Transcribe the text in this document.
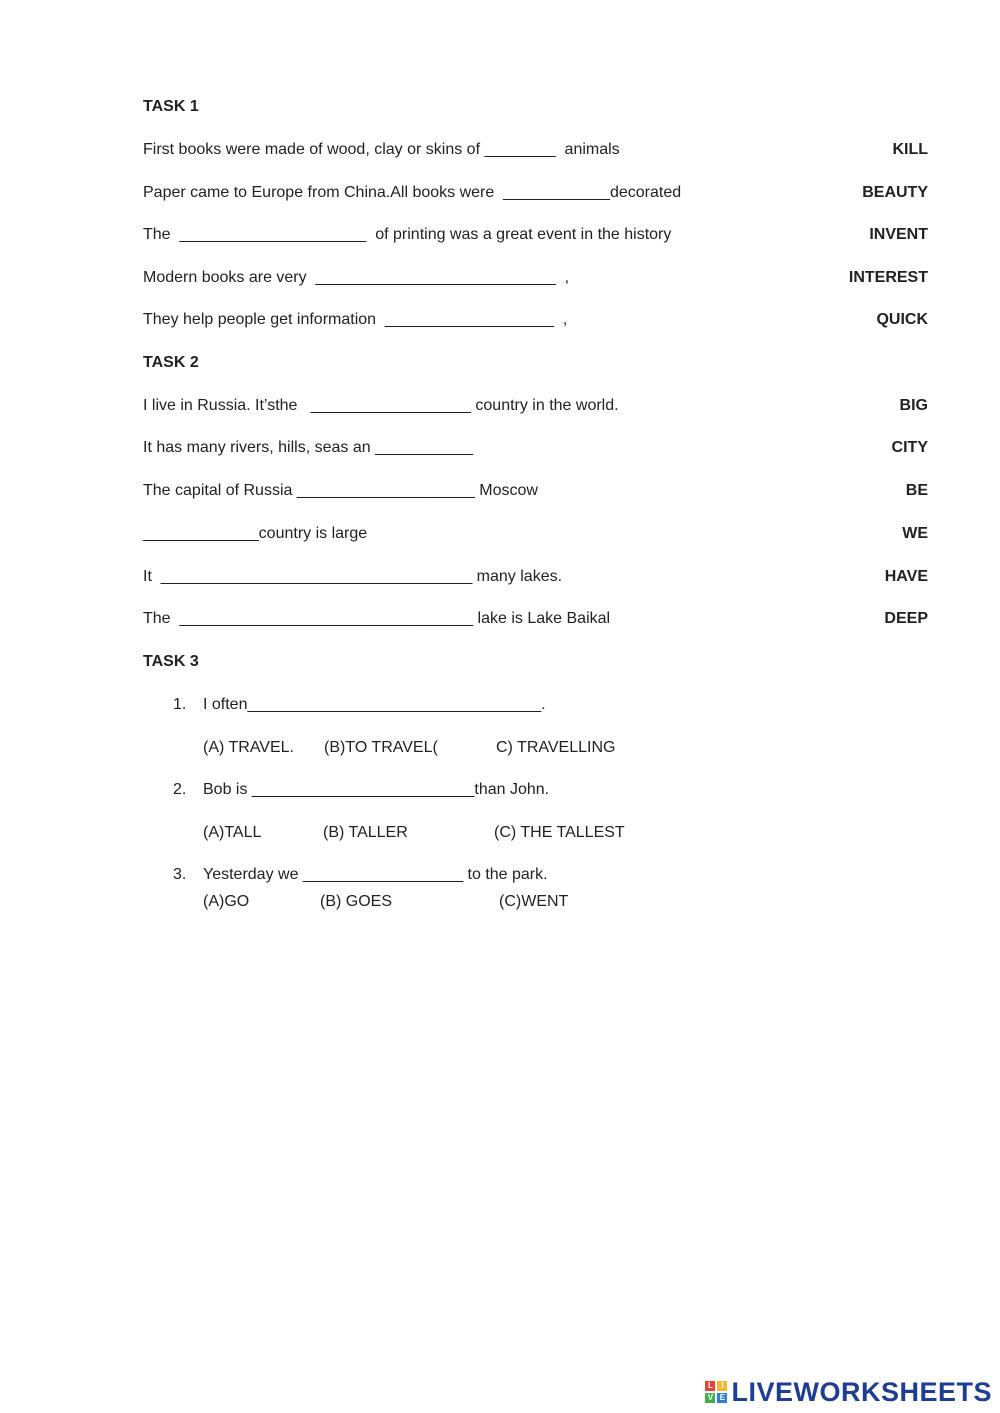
TASK 1
First books were made of wood, clay or skins of ________  animals	KILL
Paper came to Europe from China.All books were  ____________decorated	BEAUTY
The  _____________________  of printing was a great event in the history	INVENT
Modern books are very  ___________________________  ,	INTEREST
They help people get information  ___________________  ,	QUICK
TASK 2
I live in Russia. It’sthe   __________________ country in the world.	BIG
It has many rivers, hills, seas an ___________	CITY
The capital of Russia ____________________ Moscow	BE
_____________country is large	WE
It  ___________________________________ many lakes.	HAVE
The  _________________________________ lake is Lake Baikal	DEEP
TASK 3
1. I often_________________________________.
(A) TRAVEL. (B)TO TRAVEL(	C) TRAVELLING
2. Bob is _________________________than John.
(A)TALL	(B) TALLER	(C) THE TALLEST
3. Yesterday we __________________ to the park.
(A)GO	(B) GOES	(C)WENT
L	I
V E LIVEWORKSHEETS
